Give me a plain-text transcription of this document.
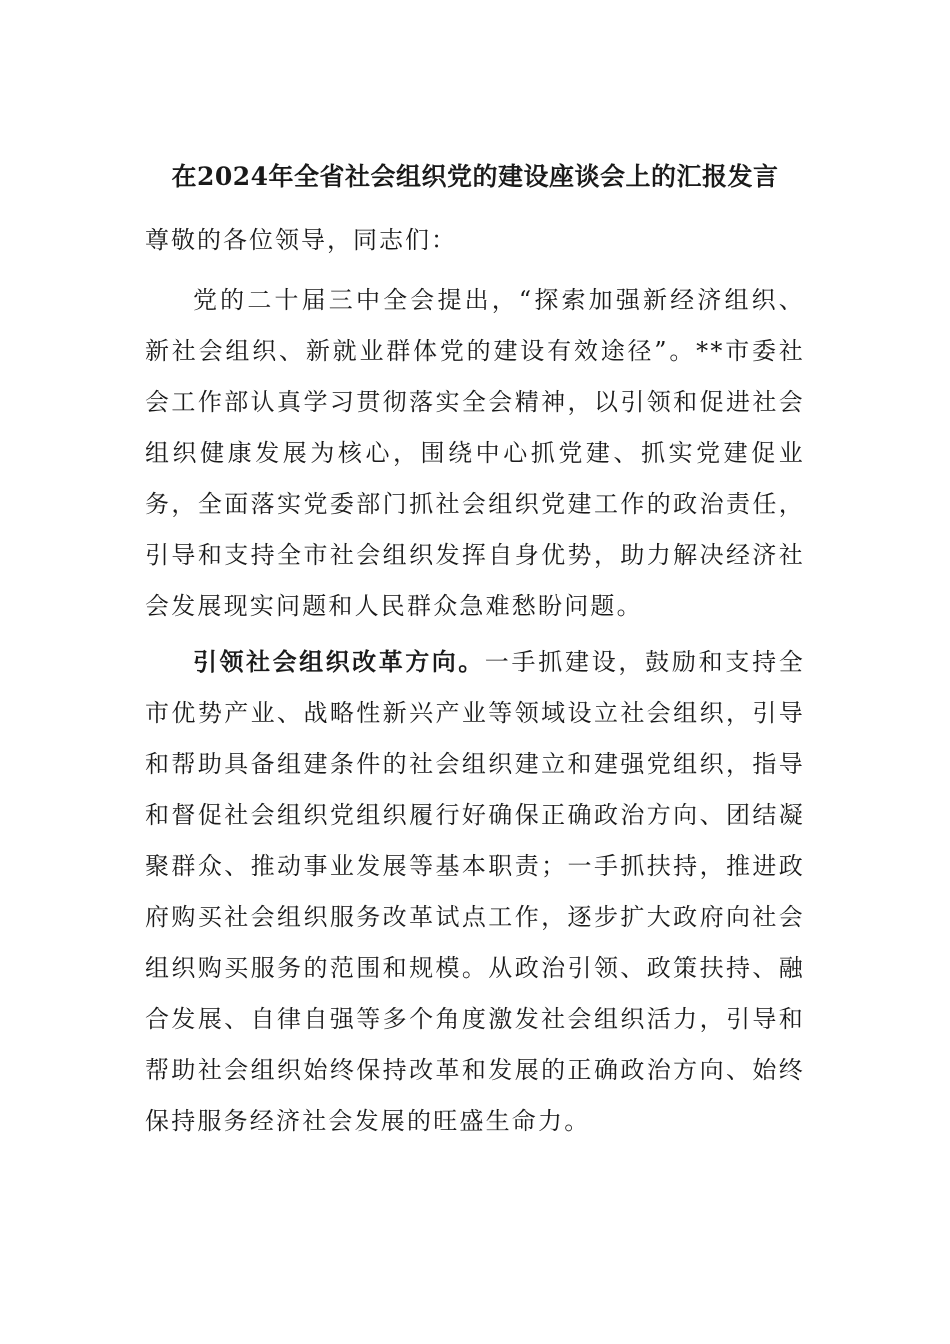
在2024年全省社会组织党的建设座谈会上的汇报发言

尊敬的各位领导，同志们：

党的二十届三中全会提出，“探索加强新经济组织、新社会组织、新就业群体党的建设有效途径”。**市委社会工作部认真学习贯彻落实全会精神，以引领和促进社会组织健康发展为核心，围绕中心抓党建、抓实党建促业务，全面落实党委部门抓社会组织党建工作的政治责任，引导和支持全市社会组织发挥自身优势，助力解决经济社会发展现实问题和人民群众急难愁盼问题。

引领社会组织改革方向。一手抓建设，鼓励和支持全市优势产业、战略性新兴产业等领域设立社会组织，引导和帮助具备组建条件的社会组织建立和建强党组织，指导和督促社会组织党组织履行好确保正确政治方向、团结凝聚群众、推动事业发展等基本职责；一手抓扶持，推进政府购买社会组织服务改革试点工作，逐步扩大政府向社会组织购买服务的范围和规模。从政治引领、政策扶持、融合发展、自律自强等多个角度激发社会组织活力，引导和帮助社会组织始终保持改革和发展的正确政治方向、始终保持服务经济社会发展的旺盛生命力。
